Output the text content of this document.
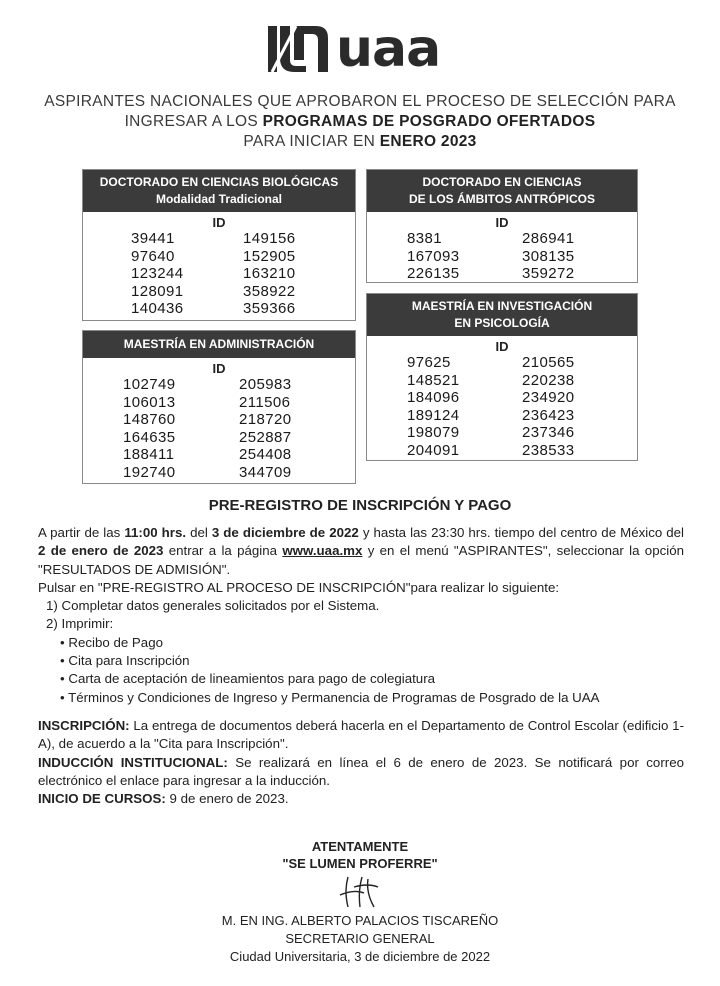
uaa
ASPIRANTES NACIONALES QUE APROBARON EL PROCESO DE SELECCIÓN PARA
INGRESAR A LOS PROGRAMAS DE POSGRADO OFERTADOS
PARA INICIAR EN ENERO 2023
DOCTORADO EN CIENCIAS BIOLÓGICAS
Modalidad Tradicional
ID
39441	149156
97640	152905
123244	163210
128091	358922
140436	359366
MAESTRÍA EN ADMINISTRACIÓN
ID
102749	205983
106013	211506
148760	218720
164635	252887
188411	254408
192740	344709
DOCTORADO EN CIENCIAS
DE LOS ÁMBITOS ANTRÓPICOS
ID
8381	286941
167093	308135
226135	359272
MAESTRÍA EN INVESTIGACIÓN
EN PSICOLOGÍA
ID
97625	210565
148521	220238
184096	234920
189124	236423
198079	237346
204091	238533
PRE-REGISTRO DE INSCRIPCIÓN Y PAGO

A partir de las 11:00 hrs. del 3 de diciembre de 2022 y hasta las 23:30 hrs. tiempo del centro de México del 2 de enero de 2023 entrar a la página www.uaa.mx y en el menú "ASPIRANTES", seleccionar la opción "RESULTADOS DE ADMISIÓN".

Pulsar en "PRE-REGISTRO AL PROCESO DE INSCRIPCIÓN"para realizar lo siguiente:

1) Completar datos generales solicitados por el Sistema.
2) Imprimir:
• Recibo de Pago
• Cita para Inscripción
• Carta de aceptación de lineamientos para pago de colegiatura
• Términos y Condiciones de Ingreso y Permanencia de Programas de Posgrado de la UAA

INSCRIPCIÓN: La entrega de documentos deberá hacerla en el Departamento de Control Escolar (edificio 1-A), de acuerdo a la "Cita para Inscripción".

INDUCCIÓN INSTITUCIONAL: Se realizará en línea el 6 de enero de 2023. Se notificará por correo electrónico el enlace para ingresar a la inducción.

INICIO DE CURSOS: 9 de enero de 2023.

ATENTAMENTE
"SE LUMEN PROFERRE"
M. EN ING. ALBERTO PALACIOS TISCAREÑO
SECRETARIO GENERAL
Ciudad Universitaria, 3 de diciembre de 2022
